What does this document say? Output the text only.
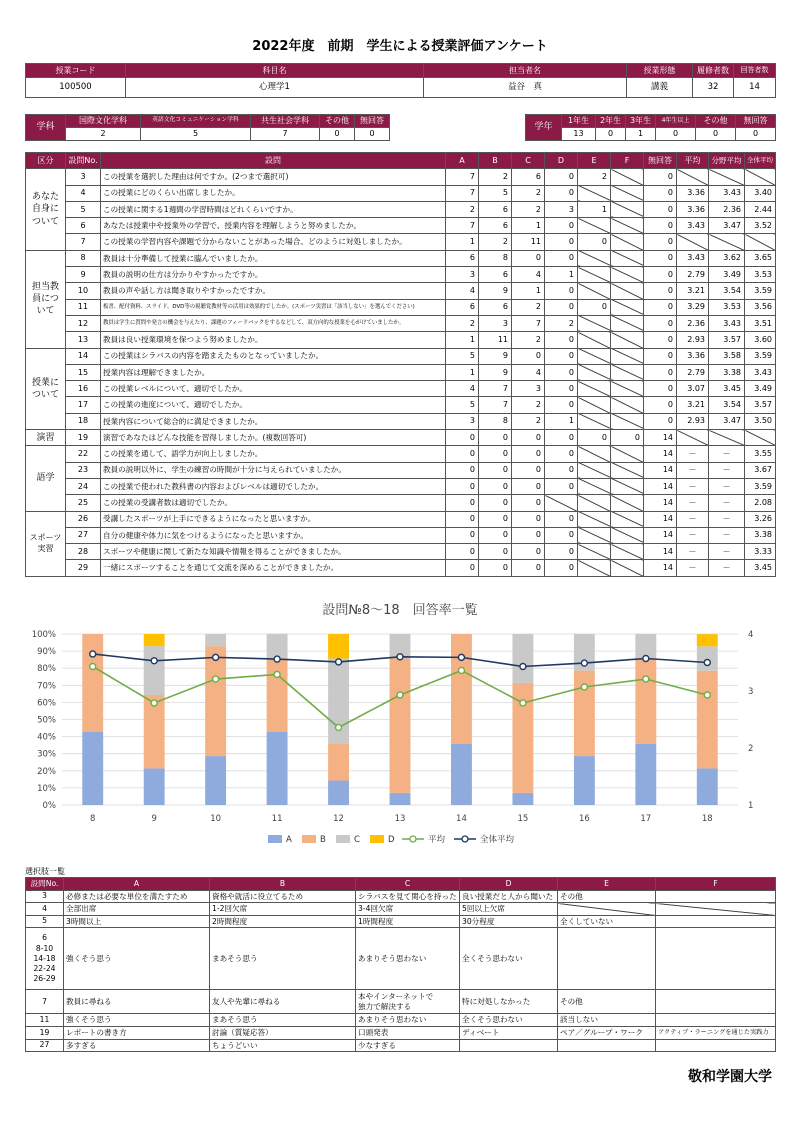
2022年度　前期　学生による授業評価アンケート
授業コード	科目名	担当者名	授業形態	履修者数	回答者数
100500	心理学1	益谷　真	講義	32	14
学科	国際文化学科	英語文化コミュニケーション学科	共生社会学科	その他	無回答
	2	5	7	0	0
学年	1年生	2年生	3年生	4年生以上	その他	無回答
	13	0	1	0	0	0
区分	設問No.	設問	A	B	C	D	E	F	無回答	平均	分野平均	全体平均
あなた
自身に
ついて	3	この授業を選択した理由は何ですか。(2つまで選択可)	7	2	6	0	2		0			
	4	この授業にどのくらい出席しましたか。	7	5	2	0			0	3.36	3.43	3.40
	5	この授業に関する1週間の学習時間はどれくらいですか。	2	6	2	3	1		0	3.36	2.36	2.44
	6	あなたは授業中や授業外の学習で、授業内容を理解しようと努めましたか。	7	6	1	0			0	3.43	3.47	3.52
	7	この授業の学習内容や課題で分からないことがあった場合、どのように対処しましたか。	1	2	11	0	0		0			
担当教
員につ
いて	8	教員は十分準備して授業に臨んでいましたか。	6	8	0	0			0	3.43	3.62	3.65
	9	教員の説明の仕方は分かりやすかったですか。	3	6	4	1			0	2.79	3.49	3.53
	10	教員の声や話し方は聞き取りやすかったですか。	4	9	1	0			0	3.21	3.54	3.59
	11	板書、配付資料、スライド、DVD等の視聴覚教材等の活用は効果的でしたか。(スポーツ実習は「該当しない」を選んでください)	6	6	2	0	0		0	3.29	3.53	3.56
	12	教員は学生に質問や発言の機会を与えたり、課題のフィードバックをするなどして、双方向的な授業を心がけていましたか。	2	3	7	2			0	2.36	3.43	3.51
	13	教員は良い授業環境を保つよう努めましたか。	1	11	2	0			0	2.93	3.57	3.60
授業に
ついて	14	この授業はシラバスの内容を踏まえたものとなっていましたか。	5	9	0	0			0	3.36	3.58	3.59
	15	授業内容は理解できましたか。	1	9	4	0			0	2.79	3.38	3.43
	16	この授業レベルについて、適切でしたか。	4	7	3	0			0	3.07	3.45	3.49
	17	この授業の進度について、適切でしたか。	5	7	2	0			0	3.21	3.54	3.57
	18	授業内容について総合的に満足できましたか。	3	8	2	1			0	2.93	3.47	3.50
演習	19	演習であなたはどんな技能を習得しましたか。(複数回答可)	0	0	0	0	0	0	14			
語学	22	この授業を通して、語学力が向上しましたか。	0	0	0	0			14	－	－	3.55
	23	教員の説明以外に、学生の練習の時間が十分に与えられていましたか。	0	0	0	0			14	－	－	3.67
	24	この授業で使われた教科書の内容およびレベルは適切でしたか。	0	0	0	0			14	－	－	3.59
	25	この授業の受講者数は適切でしたか。	0	0	0				14	－	－	2.08
スポーツ
実習	26	受講したスポーツが上手にできるようになったと思いますか。	0	0	0	0			14	－	－	3.26
	27	自分の健康や体力に気をつけるようになったと思いますか。	0	0	0	0			14	－	－	3.38
	28	スポーツや健康に関して新たな知識や情報を得ることができましたか。	0	0	0	0			14	－	－	3.33
	29	一緒にスポーツすることを通じて交流を深めることができましたか。	0	0	0	0			14	－	－	3.45
設問№8～18　回答率一覧
0%
10%
20%
30%
40%
50%
60%
70%
80%
90%
100%
1
2
3
4
8	9	10	11	12	13	14	15	16	17	18
A	B	C	D	平均	全体平均
選択肢一覧
設問No.	A	B	C	D	E	F
3	必修または必要な単位を満たすため	資格や就活に役立てるため	シラバスを見て関心を持った	良い授業だと人から聞いた	その他	
4	全部出席	1-2回欠席	3-4回欠席	5回以上欠席		
5	3時間以上	2時間程度	1時間程度	30分程度	全くしていない	
6
8-10
14-18
22-24
26-29	強くそう思う	まあそう思う	あまりそう思わない	全くそう思わない		
7	教員に尋ねる	友人や先輩に尋ねる	本やインターネットで
独力で解決する	特に対処しなかった	その他	
11	強くそう思う	まあそう思う	あまりそう思わない	全くそう思わない	該当しない	
19	レポートの書き方	討論（質疑応答）	口頭発表	ディベート	ペア／グループ・ワーク	アクティブ・ラーニングを通じた実践力
27	多すぎる	ちょうどいい	少なすぎる			
敬和学園大学
